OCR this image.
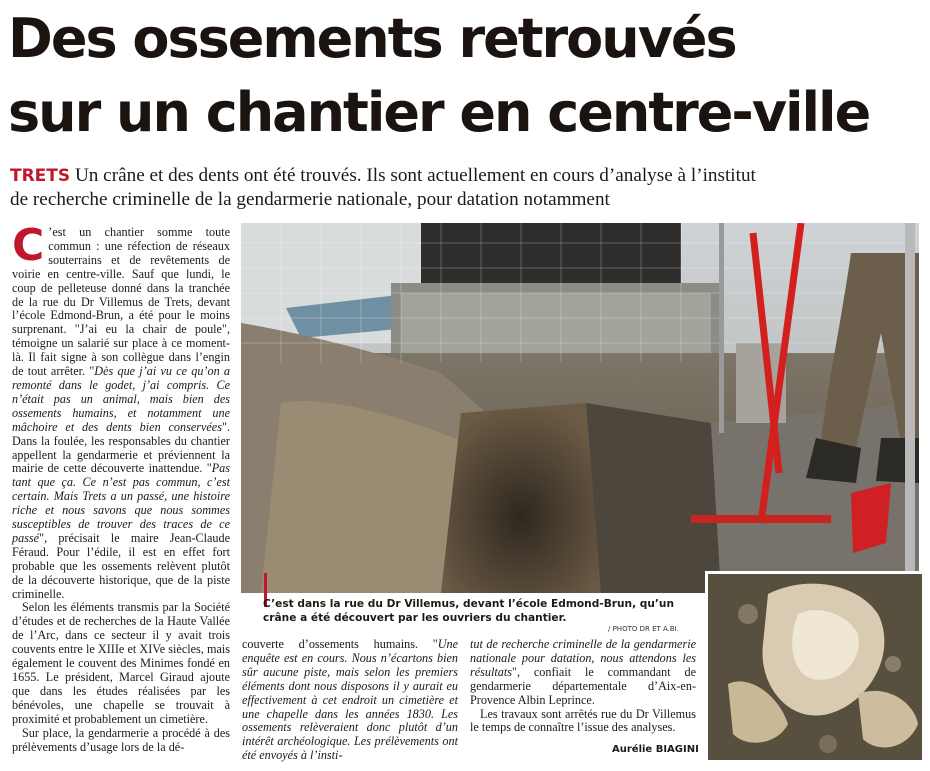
Des ossements retrouvés
sur un chantier en centre-ville
TRETS Un crâne et des dents ont été trouvés. Ils sont actuellement en cours d’analyse à l’institut
de recherche criminelle de la gendarmerie nationale, pour datation notamment

C ’est un chantier somme toute commun : une réfection de réseaux souterrains et de revêtements de voirie en centre-ville. Sauf que lundi, le coup de pelleteuse donné dans la tranchée de la rue du Dr Villemus de Trets, devant l’école Edmond-Brun, a été pour le moins surprenant. "J’ai eu la chair de poule", témoigne un salarié sur place à ce moment-là. Il fait signe à son collègue dans l’engin de tout arrêter. "Dès que j’ai vu ce qu’on a remonté dans le godet, j’ai compris. Ce n’était pas un animal, mais bien des ossements humains, et notamment une mâchoire et des dents bien conservées". Dans la foulée, les responsables du chantier appellent la gendarmerie et préviennent la mairie de cette découverte inattendue. "Pas tant que ça. Ce n’est pas commun, c’est certain. Mais Trets a un passé, une histoire riche et nous savons que nous sommes susceptibles de trouver des traces de ce passé", précisait le maire Jean-Claude Féraud. Pour l’édile, il est en effet fort probable que les ossements relèvent plutôt de la découverte historique, que de la piste criminelle.

Selon les éléments transmis par la Société d’études et de recherches de la Haute Vallée de l’Arc, dans ce secteur il y avait trois couvents entre le XIIIe et XIVe siècles, mais également le couvent des Minimes fondé en 1655. Le président, Marcel Giraud ajoute que dans les études réalisées par les bénévoles, une chapelle se trouvait à proximité et probablement un cimetière.

Sur place, la gendarmerie a procédé à des prélèvements d’usage lors de la dé-

couverte d’ossements humains. "Une enquête est en cours. Nous n’écartons bien sûr aucune piste, mais selon les premiers éléments dont nous disposons il y aurait eu effectivement à cet endroit un cimetière et une chapelle dans les années 1830. Les ossements relèveraient donc plutôt d’un intérêt archéologique. Les prélèvements ont été envoyés à l’insti-

tut de recherche criminelle de la gendarmerie nationale pour datation, nous attendons les résultats", confiait le commandant de gendarmerie départementale d’Aix-en-Provence Albin Leprince.

Les travaux sont arrêtés rue du Dr Villemus le temps de connaître l’issue des analyses.

C’est dans la rue du Dr Villemus, devant l’école Edmond-Brun, qu’un crâne a été découvert par les ouvriers du chantier.
/ PHOTO DR ET A.BI.
Aurélie BIAGINI
